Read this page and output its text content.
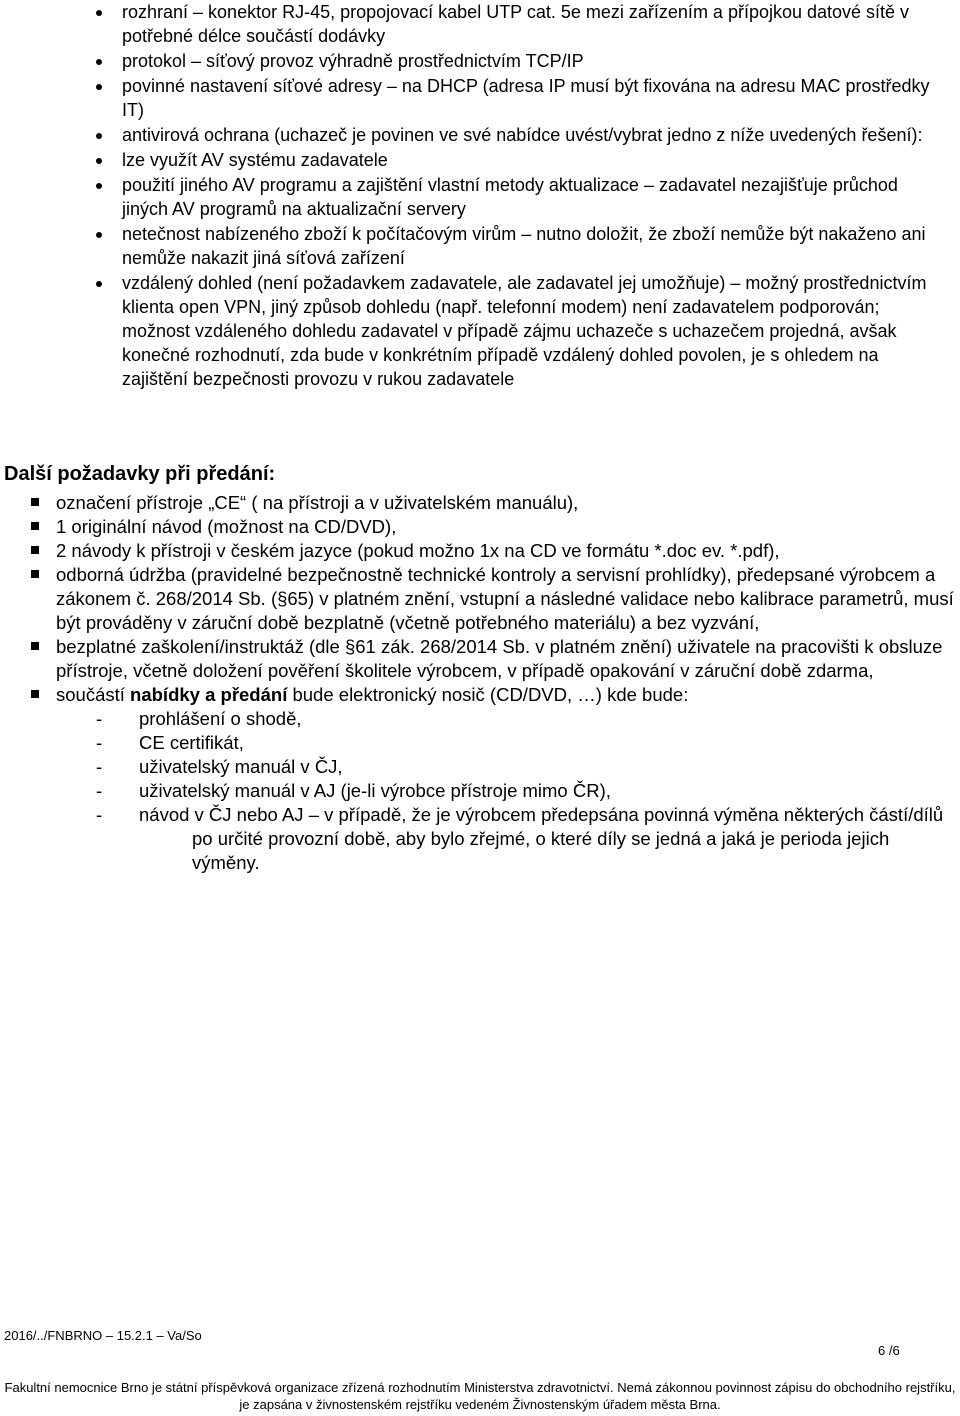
rozhraní – konektor RJ-45, propojovací kabel UTP cat. 5e mezi zařízením a přípojkou datové sítě v potřebné délce součástí dodávky
protokol – síťový provoz výhradně prostřednictvím TCP/IP
povinné nastavení síťové adresy – na DHCP (adresa IP musí být fixována na adresu MAC prostředky IT)
antivirová ochrana (uchazeč je povinen ve své nabídce uvést/vybrat jedno z níže uvedených řešení):
lze využít AV systému zadavatele
použití jiného AV programu a zajištění vlastní metody aktualizace – zadavatel nezajišťuje průchod jiných AV programů na aktualizační servery
netečnost nabízeného zboží k počítačovým virům – nutno doložit, že zboží nemůže být nakaženo ani nemůže nakazit jiná síťová zařízení
vzdálený dohled (není požadavkem zadavatele, ale zadavatel jej umožňuje) – možný prostřednictvím klienta open VPN, jiný způsob dohledu (např. telefonní modem) není zadavatelem podporován; možnost vzdáleného dohledu zadavatel v případě zájmu uchazeče s uchazečem projedná, avšak konečné rozhodnutí, zda bude v konkrétním případě vzdálený dohled povolen, je s ohledem na zajištění bezpečnosti provozu v rukou zadavatele
Další požadavky při předání:
označení přístroje „CE“ ( na přístroji a v uživatelském manuálu),
1 originální návod (možnost na CD/DVD),
2 návody k přístroji v českém jazyce (pokud možno 1x na CD ve formátu *.doc ev. *.pdf),
odborná údržba (pravidelné bezpečnostně technické kontroly a servisní prohlídky), předepsané výrobcem a zákonem č. 268/2014 Sb. (§65) v platném znění, vstupní a následné validace nebo kalibrace parametrů, musí být prováděny v záruční době bezplatně (včetně potřebného materiálu) a bez vyzvání,
bezplatné zaškolení/instruktáž (dle §61 zák. 268/2014 Sb. v platném znění) uživatele na pracovišti k obsluze přístroje, včetně doložení pověření školitele výrobcem, v případě opakování v záruční době zdarma,
součástí nabídky a předání bude elektronický nosič (CD/DVD, …) kde bude:
- prohlášení o shodě,
- CE certifikát,
- uživatelský manuál v ČJ,
- uživatelský manuál v AJ (je-li výrobce přístroje mimo ČR),
- návod v ČJ nebo AJ – v případě, že je výrobcem předepsána povinná výměna některých částí/dílů po určité provozní době, aby bylo zřejmé, o které díly se jedná a jaká je perioda jejich výměny.
2016/../FNBRNO – 15.2.1 – Va/So
6 /6
Fakultní nemocnice Brno je státní příspěvková organizace zřízená rozhodnutím Ministerstva zdravotnictví. Nemá zákonnou povinnost zápisu do obchodního rejstříku, je zapsána v živnostenském rejstříku vedeném Živnostenským úřadem města Brna.
